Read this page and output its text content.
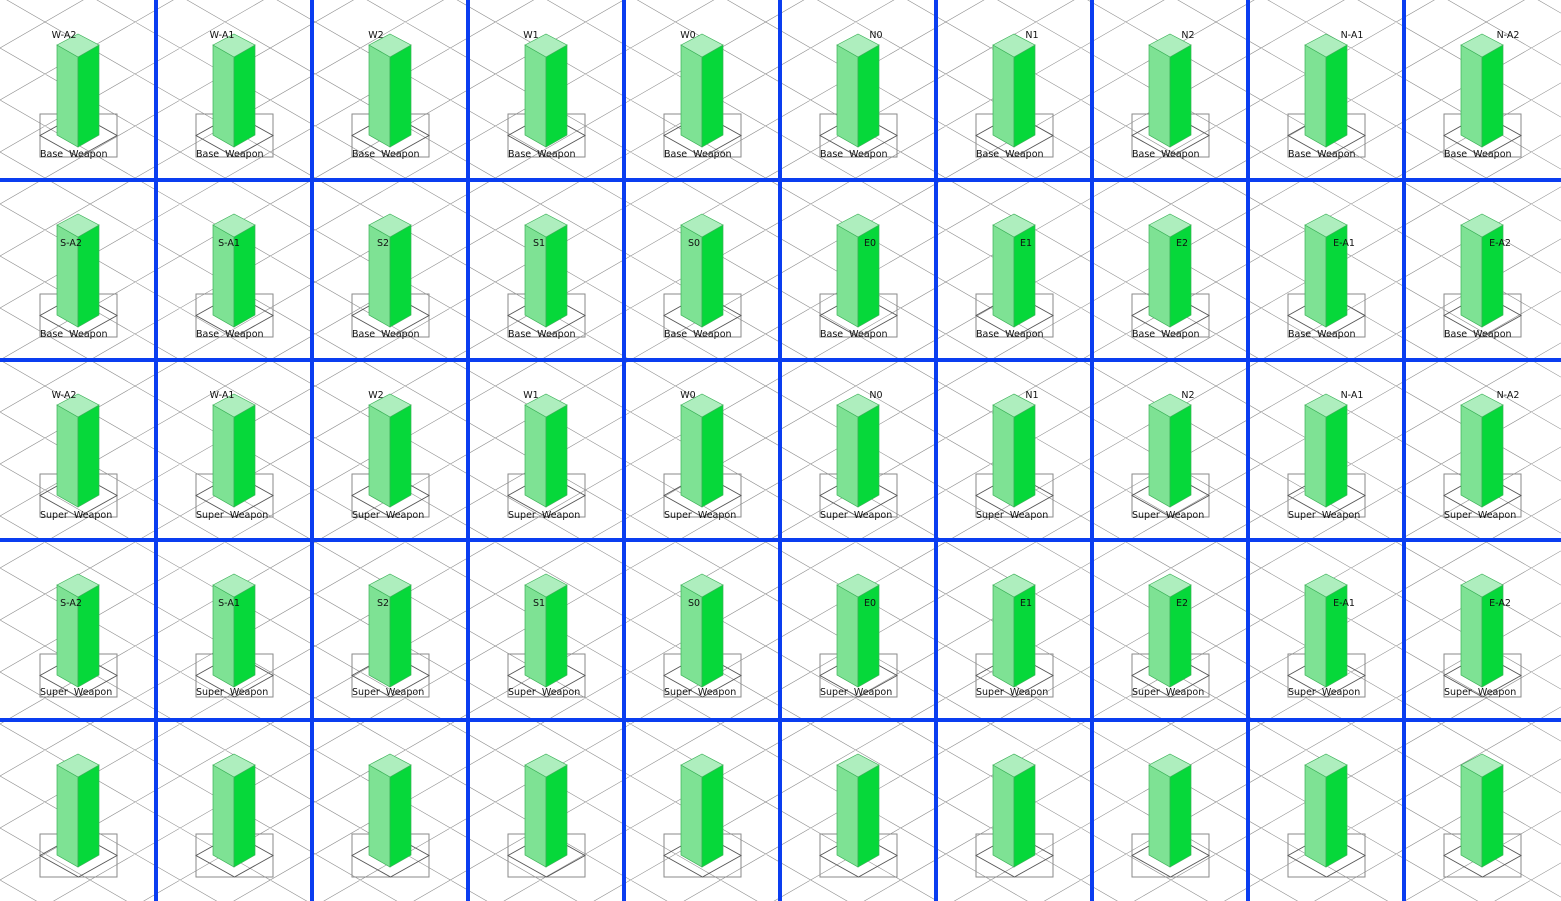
W-A2
Base  Weapon
W-A1
Base  Weapon
W2
Base  Weapon
W1
Base  Weapon
W0
Base  Weapon
N0
Base  Weapon
N1
Base  Weapon
N2
Base  Weapon
N-A1
Base  Weapon
N-A2
Base  Weapon
S-A2
Base  Weapon
S-A1
Base  Weapon
S2
Base  Weapon
S1
Base  Weapon
S0
Base  Weapon
E0
Base  Weapon
E1
Base  Weapon
E2
Base  Weapon
E-A1
Base  Weapon
E-A2
Base  Weapon
W-A2
Super  Weapon
W-A1
Super  Weapon
W2
Super  Weapon
W1
Super  Weapon
W0
Super  Weapon
N0
Super  Weapon
N1
Super  Weapon
N2
Super  Weapon
N-A1
Super  Weapon
N-A2
Super  Weapon
S-A2
Super  Weapon
S-A1
Super  Weapon
S2
Super  Weapon
S1
Super  Weapon
S0
Super  Weapon
E0
Super  Weapon
E1
Super  Weapon
E2
Super  Weapon
E-A1
Super  Weapon
E-A2
Super  Weapon
